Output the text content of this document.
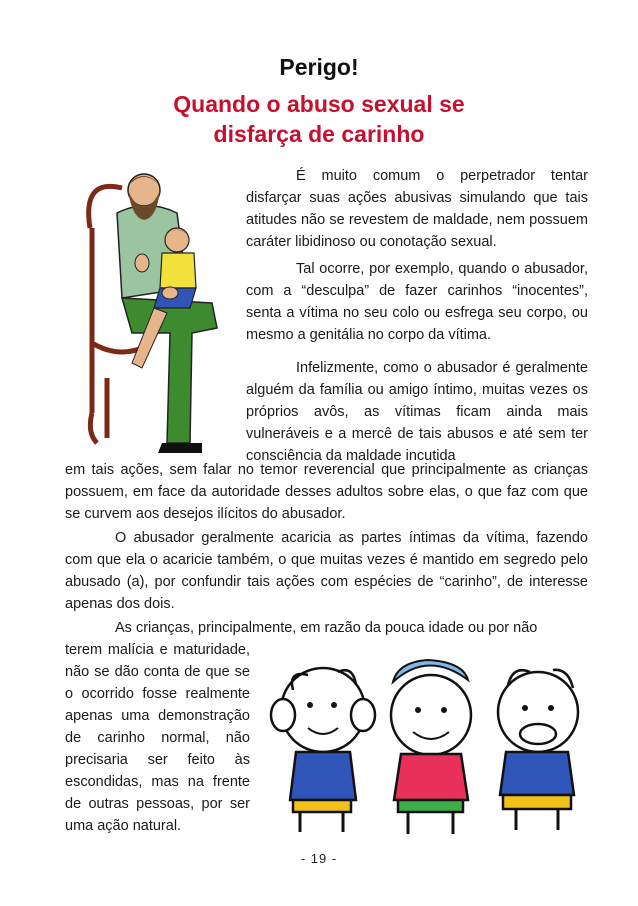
Perigo!
Quando o abuso sexual se
disfarça de carinho
É muito comum o perpetrador tentar disfarçar suas ações abusivas simulando que tais atitudes não se revestem de maldade, nem possuem caráter libidinoso ou conotação sexual.
Tal ocorre, por exemplo, quando o abusador, com a “desculpa” de fazer carinhos “inocentes”, senta a vítima no seu colo ou esfrega seu corpo, ou mesmo a genitália no corpo da vítima.
Infelizmente, como o abusador é geralmente alguém da família ou amigo íntimo, muitas vezes os próprios avôs, as vítimas ficam ainda mais vulneráveis e a mercê de tais abusos e até sem ter consciência da maldade incutida
em tais ações, sem falar no temor reverencial que principalmente as crianças possuem, em face da autoridade desses adultos sobre elas, o que faz com que se curvem aos desejos ilícitos do abusador.
O abusador geralmente acaricia as partes íntimas da vítima, fazendo com que ela o acaricie também, o que muitas vezes é mantido em segredo pelo abusado (a), por confundir tais ações com espécies de “carinho”, de interesse apenas dos dois.
As crianças, principalmente, em razão da pouca idade ou por não
terem malícia e maturidade, não se dão conta de que se o ocorrido fosse realmente apenas uma demonstração de carinho normal, não precisaria ser feito às escondidas, mas na frente de outras pessoas, por ser uma ação natural.
- 19 -
